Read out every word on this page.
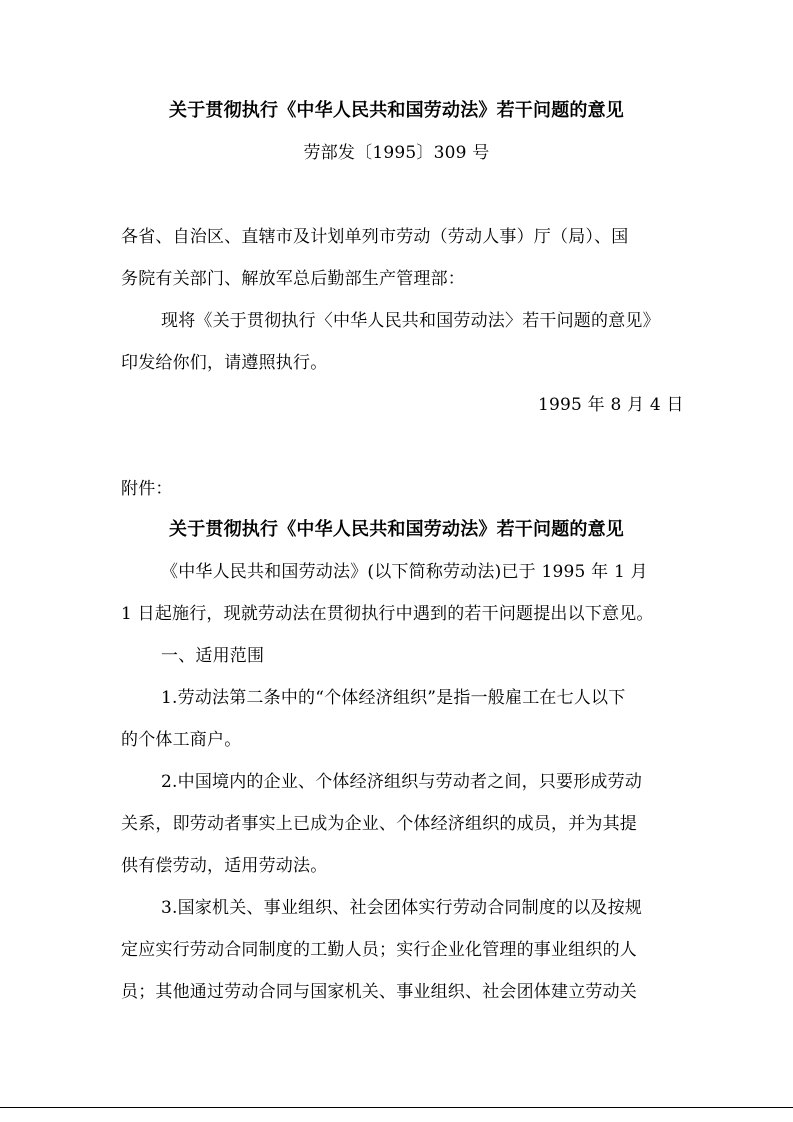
关于贯彻执行《中华人民共和国劳动法》若干问题的意见
劳部发〔1995〕309 号
各省、自治区、直辖市及计划单列市劳动（劳动人事）厅（局）、国
务院有关部门、解放军总后勤部生产管理部：
现将《关于贯彻执行〈中华人民共和国劳动法〉若干问题的意见》
印发给你们，请遵照执行。
1995 年 8 月 4 日
附件：
关于贯彻执行《中华人民共和国劳动法》若干问题的意见
《中华人民共和国劳动法》(以下简称劳动法)已于 1995 年 1 月
1 日起施行，现就劳动法在贯彻执行中遇到的若干问题提出以下意见。
一、适用范围
1.劳动法第二条中的“个体经济组织”是指一般雇工在七人以下
的个体工商户。
2.中国境内的企业、个体经济组织与劳动者之间，只要形成劳动
关系，即劳动者事实上已成为企业、个体经济组织的成员，并为其提
供有偿劳动，适用劳动法。
3.国家机关、事业组织、社会团体实行劳动合同制度的以及按规
定应实行劳动合同制度的工勤人员；实行企业化管理的事业组织的人
员；其他通过劳动合同与国家机关、事业组织、社会团体建立劳动关
